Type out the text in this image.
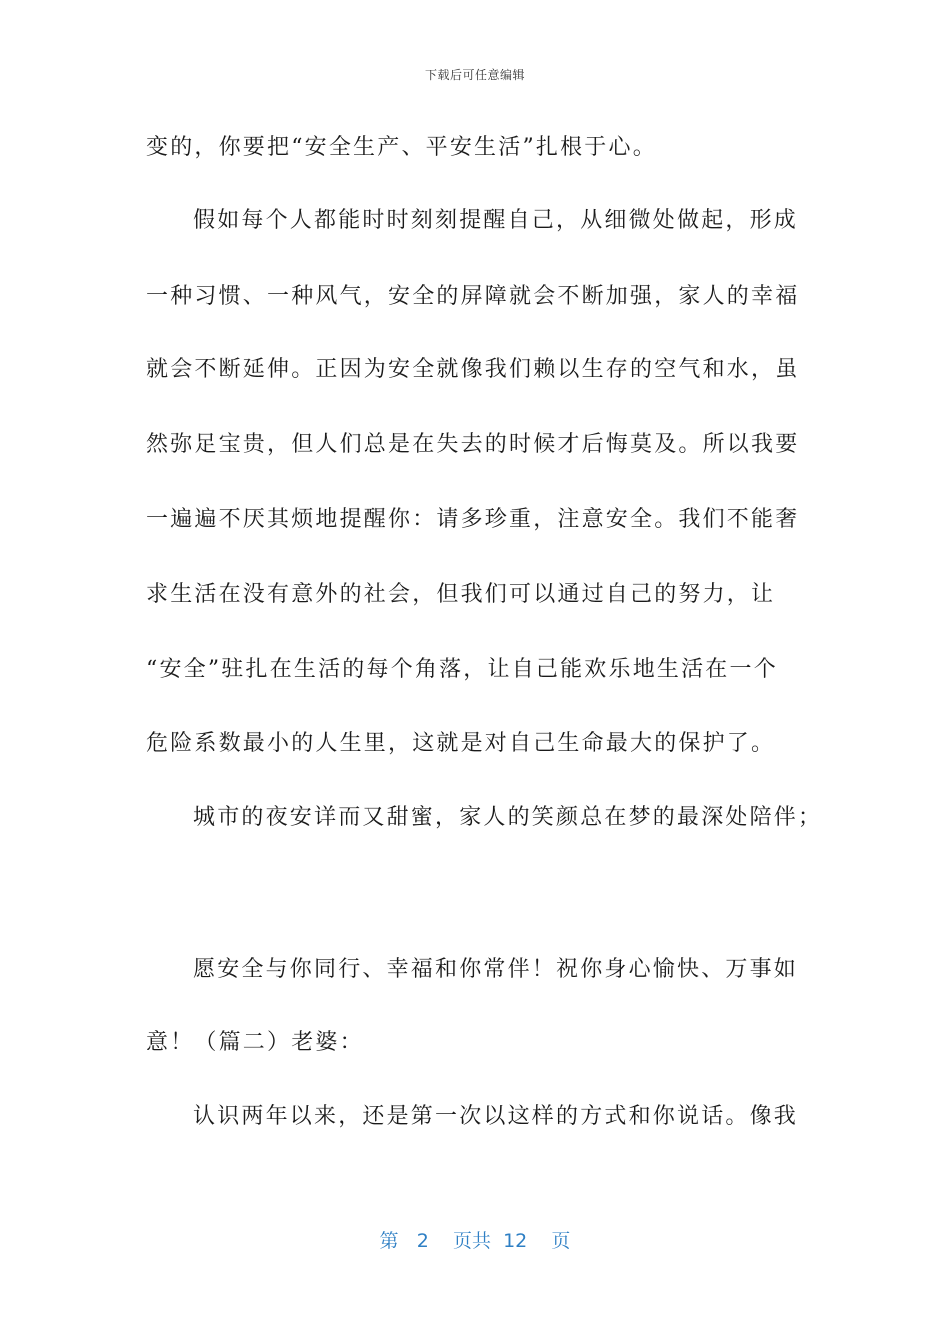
下载后可任意编辑
变的，你要把“安全生产、平安生活”扎根于心。
假如每个人都能时时刻刻提醒自己，从细微处做起，形成
一种习惯、一种风气，安全的屏障就会不断加强，家人的幸福
就会不断延伸。正因为安全就像我们赖以生存的空气和水，虽
然弥足宝贵，但人们总是在失去的时候才后悔莫及。所以我要
一遍遍不厌其烦地提醒你：请多珍重，注意安全。我们不能奢
求生活在没有意外的社会，但我们可以通过自己的努力，让
“安全”驻扎在生活的每个角落，让自己能欢乐地生活在一个
危险系数最小的人生里，这就是对自己生命最大的保护了。
城市的夜安详而又甜蜜，家人的笑颜总在梦的最深处陪伴；
愿安全与你同行、幸福和你常伴！祝你身心愉快、万事如
意！（篇二）老婆：
认识两年以来，还是第一次以这样的方式和你说话。像我
第 2 页共 12 页
